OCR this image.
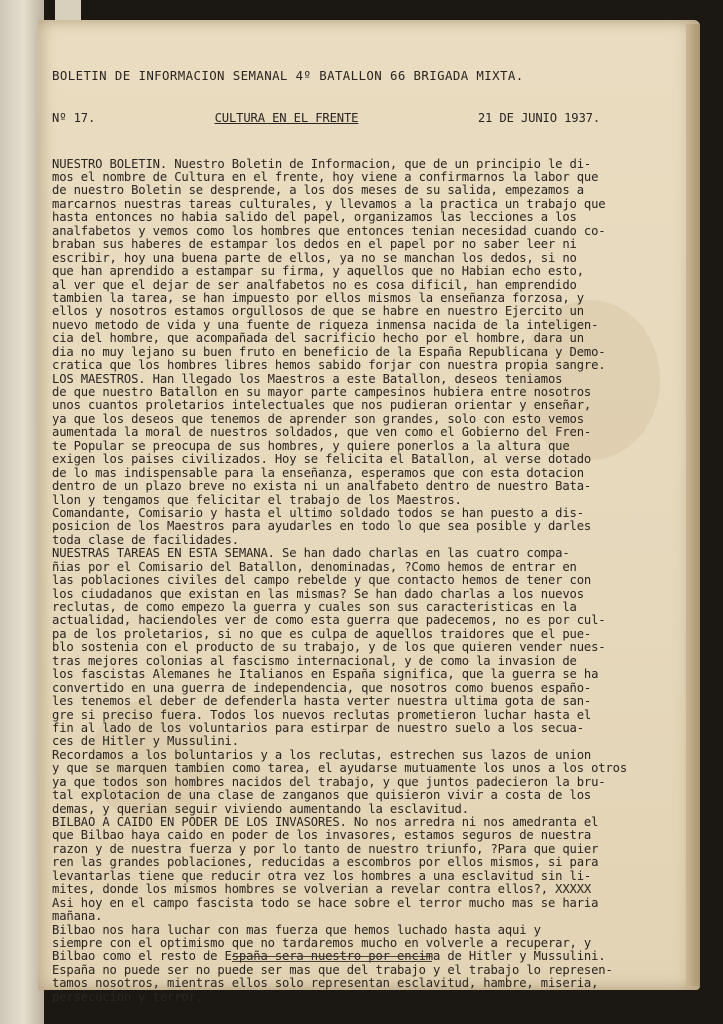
BOLETIN DE INFORMACION SEMANAL 4º BATALLON 66 BRIGADA MIXTA.

Nº 17.	CULTURA EN EL FRENTE	21 DE JUNIO 1937.

NUESTRO BOLETIN. Nuestro Boletin de Informacion, que de un principio le di-
mos el nombre de Cultura en el frente, hoy viene a confirmarnos la labor que
de nuestro Boletin se desprende, a los dos meses de su salida, empezamos a
marcarnos nuestras tareas culturales, y llevamos a la practica un trabajo que
hasta entonces no habia salido del papel, organizamos las lecciones a los
analfabetos y vemos como los hombres que entonces tenian necesidad cuando co-
braban sus haberes de estampar los dedos en el papel por no saber leer ni
escribir, hoy una buena parte de ellos, ya no se manchan los dedos, si no
que han aprendido a estampar su firma, y aquellos que no Habian echo esto,
al ver que el dejar de ser analfabetos no es cosa dificil, han emprendido
tambien la tarea, se han impuesto por ellos mismos la enseñanza forzosa, y
ellos y nosotros estamos orgullosos de que se habre en nuestro Ejercito un
nuevo metodo de vida y una fuente de riqueza inmensa nacida de la inteligen-
cia del hombre, que acompañada del sacrificio hecho por el hombre, dara un
dia no muy lejano su buen fruto en beneficio de la España Republicana y Demo-
cratica que los hombres libres hemos sabido forjar con nuestra propia sangre.
LOS MAESTROS. Han llegado los Maestros a este Batallon, deseos teniamos
de que nuestro Batallon en su mayor parte campesinos hubiera entre nosotros
unos cuantos proletarios intelectuales que nos pudieran orientar y enseñar,
ya que los deseos que tenemos de aprender son grandes, solo con esto vemos
aumentada la moral de nuestros soldados, que ven como el Gobierno del Fren-
te Popular se preocupa de sus hombres, y quiere ponerlos a la altura que
exigen los paises civilizados. Hoy se felicita el Batallon, al verse dotado
de lo mas indispensable para la enseñanza, esperamos que con esta dotacion
dentro de un plazo breve no exista ni un analfabeto dentro de nuestro Bata-
llon y tengamos que felicitar el trabajo de los Maestros.
Comandante, Comisario y hasta el ultimo soldado todos se han puesto a dis-
posicion de los Maestros para ayudarles en todo lo que sea posible y darles
toda clase de facilidades.
NUESTRAS TAREAS EN ESTA SEMANA. Se han dado charlas en las cuatro compa-
ñias por el Comisario del Batallon, denominadas, ?Como hemos de entrar en
las poblaciones civiles del campo rebelde y que contacto hemos de tener con
los ciudadanos que existan en las mismas? Se han dado charlas a los nuevos
reclutas, de como empezo la guerra y cuales son sus caracteristicas en la
actualidad, haciendoles ver de como esta guerra que padecemos, no es por cul-
pa de los proletarios, si no que es culpa de aquellos traidores que el pue-
blo sostenia con el producto de su trabajo, y de los que quieren vender nues-
tras mejores colonias al fascismo internacional, y de como la invasion de
los fascistas Alemanes he Italianos en España significa, que la guerra se ha
convertido en una guerra de independencia, que nosotros como buenos españo-
les tenemos el deber de defenderla hasta verter nuestra ultima gota de san-
gre si preciso fuera. Todos los nuevos reclutas prometieron luchar hasta el
fin al lado de los voluntarios para estirpar de nuestro suelo a los secua-
ces de Hitler y Mussulini.
Recordamos a los boluntarios y a los reclutas, estrechen sus lazos de union
y que se marquen tambien como tarea, el ayudarse mutuamente los unos a los otros
ya que todos son hombres nacidos del trabajo, y que juntos padecieron la bru-
tal explotacion de una clase de zanganos que quisieron vivir a costa de los
demas, y querian seguir viviendo aumentando la esclavitud.
BILBAO A CAIDO EN PODER DE LOS INVASORES. No nos arredra ni nos amedranta el
que Bilbao haya caido en poder de los invasores, estamos seguros de nuestra
razon y de nuestra fuerza y por lo tanto de nuestro triunfo, ?Para que quier
ren las grandes poblaciones, reducidas a escombros por ellos mismos, si para
levantarlas tiene que reducir otra vez los hombres a una esclavitud sin li-
mites, donde los mismos hombres se volverian a revelar contra ellos?, XXXXX
Asi hoy en el campo fascista todo se hace sobre el terror mucho mas se haria
mañana.
Bilbao nos hara luchar con mas fuerza que hemos luchado hasta aqui y
siempre con el optimismo que no tardaremos mucho en volverle a recuperar, y
Bilbao como el resto de España sera nuestro por encima de Hitler y Mussulini.
España no puede ser no puede ser mas que del trabajo y el trabajo lo represen-
tamos nosotros, mientras ellos solo representan esclavitud, hambre, miseria,
persecucion y terror.
